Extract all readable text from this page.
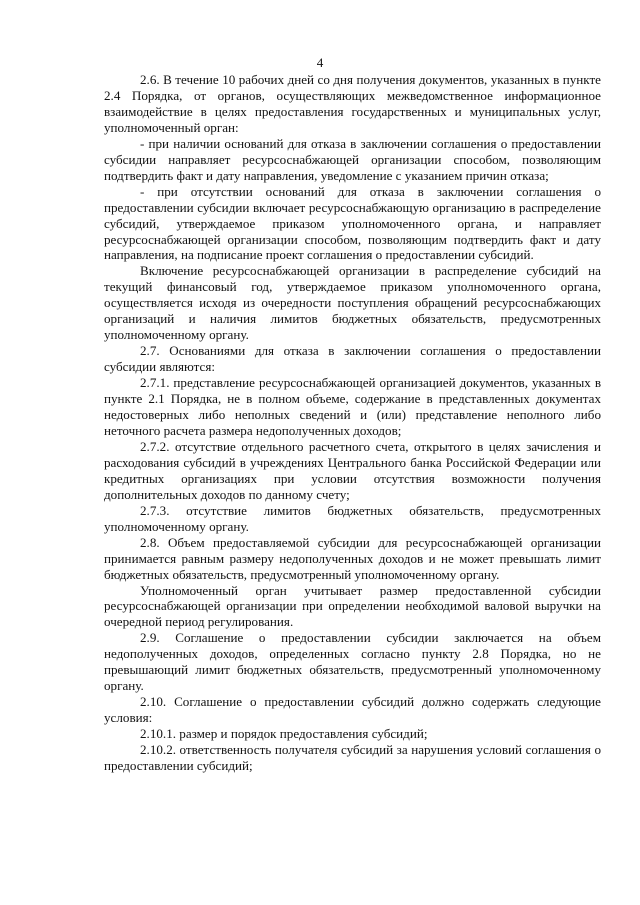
4

2.6. В течение 10 рабочих дней со дня получения документов, указанных в пункте 2.4 Порядка, от органов, осуществляющих межведомственное информационное взаимодействие в целях предоставления государственных и муниципальных услуг, уполномоченный орган:

- при наличии оснований для отказа в заключении соглашения о предоставлении субсидии направляет ресурсоснабжающей организации способом, позволяющим подтвердить факт и дату направления, уведомление с указанием причин отказа;

- при отсутствии оснований для отказа в заключении соглашения о предоставлении субсидии включает ресурсоснабжающую организацию в распределение субсидий, утверждаемое приказом уполномоченного органа, и направляет ресурсоснабжающей организации способом, позволяющим подтвердить факт и дату направления, на подписание проект соглашения о предоставлении субсидий.

Включение ресурсоснабжающей организации в распределение субсидий на текущий финансовый год, утверждаемое приказом уполномоченного органа, осуществляется исходя из очередности поступления обращений ресурсоснабжающих организаций и наличия лимитов бюджетных обязательств, предусмотренных уполномоченному органу.

2.7. Основаниями для отказа в заключении соглашения о предоставлении субсидии являются:

2.7.1. представление ресурсоснабжающей организацией документов, указанных в пункте 2.1 Порядка, не в полном объеме, содержание в представленных документах недостоверных либо неполных сведений и (или) представление неполного либо неточного расчета размера недополученных доходов;

2.7.2. отсутствие отдельного расчетного счета, открытого в целях зачисления и расходования субсидий в учреждениях Центрального банка Российской Федерации или кредитных организациях при условии отсутствия возможности получения дополнительных доходов по данному счету;

2.7.3. отсутствие лимитов бюджетных обязательств, предусмотренных уполномоченному органу.

2.8. Объем предоставляемой субсидии для ресурсоснабжающей организации принимается равным размеру недополученных доходов и не может превышать лимит бюджетных обязательств, предусмотренный уполномоченному органу.

Уполномоченный орган учитывает размер предоставленной субсидии ресурсоснабжающей организации при определении необходимой валовой выручки на очередной период регулирования.

2.9. Соглашение о предоставлении субсидии заключается на объем недополученных доходов, определенных согласно пункту 2.8 Порядка, но не превышающий лимит бюджетных обязательств, предусмотренный уполномоченному органу.

2.10. Соглашение о предоставлении субсидий должно содержать следующие условия:

2.10.1. размер и порядок предоставления субсидий;

2.10.2. ответственность получателя субсидий за нарушения условий соглашения о предоставлении субсидий;
